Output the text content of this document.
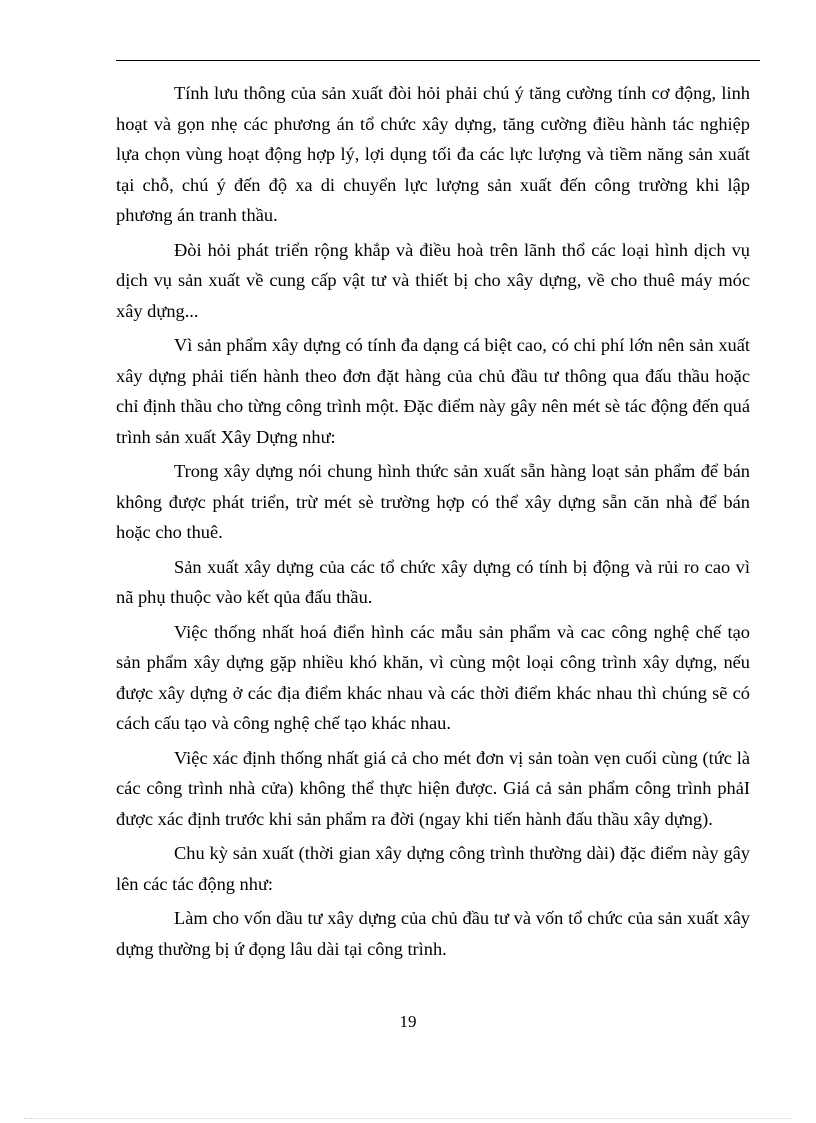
Tính lưu thông của sản xuất đòi hỏi phải chú ý tăng cường tính cơ động, linh hoạt và gọn nhẹ các phương án tổ chức xây dựng, tăng cường điều hành tác nghiệp lựa chọn vùng hoạt động hợp lý, lợi dụng tối đa các lực lượng và tiềm năng sản xuất tại chỗ, chú ý đến độ xa di chuyển lực lượng sản xuất đến công trường khi lập phương án tranh thầu.

Đòi hỏi phát triển rộng khắp và điều hoà trên lãnh thổ các loại hình dịch vụ dịch vụ sản xuất về cung cấp vật tư và thiết bị cho xây dựng, về cho thuê máy móc xây dựng...

Vì sản phẩm xây dựng có tính đa dạng cá biệt cao, có chi phí lớn nên sản xuất xây dựng phải tiến hành theo đơn đặt hàng của chủ đầu tư thông qua đấu thầu hoặc chỉ định thầu cho từng công trình một. Đặc điểm này gây nên mét sè tác động đến quá trình sản xuất Xây Dựng như:

Trong xây dựng nói chung hình thức sản xuất sẵn hàng loạt sản phẩm để bán không được phát triển, trừ mét sè trường hợp có thể xây dựng sẵn căn nhà để bán hoặc cho thuê.

Sản xuất xây dựng của các tổ chức xây dựng có tính bị động và rủi ro cao vì nã phụ thuộc vào kết qủa đấu thầu.

Việc thống nhất hoá điển hình các mẫu sản phẩm và cac công nghệ chế tạo sản phẩm xây dựng gặp nhiều khó khăn, vì cùng một loại công trình xây dựng, nếu được xây dựng ở các địa điểm khác nhau và các thời điểm khác nhau thì chúng sẽ có cách cấu tạo và công nghệ chế tạo khác nhau.

Việc xác định thống nhất giá cả cho mét đơn vị sản toàn vẹn cuối cùng (tức là các công trình nhà cửa) không thể thực hiện được. Giá cả sản phẩm công trình phảI được xác định trước khi sản phẩm ra đời (ngay khi tiến hành đấu thầu xây dựng).

Chu kỳ sản xuất (thời gian xây dựng công trình thường dài) đặc điểm này gây lên các tác động như:

Làm cho vốn dầu tư xây dựng của chủ đầu tư và vốn tổ chức của sản xuất xây dựng thường bị ứ đọng lâu dài tại công trình.

19
